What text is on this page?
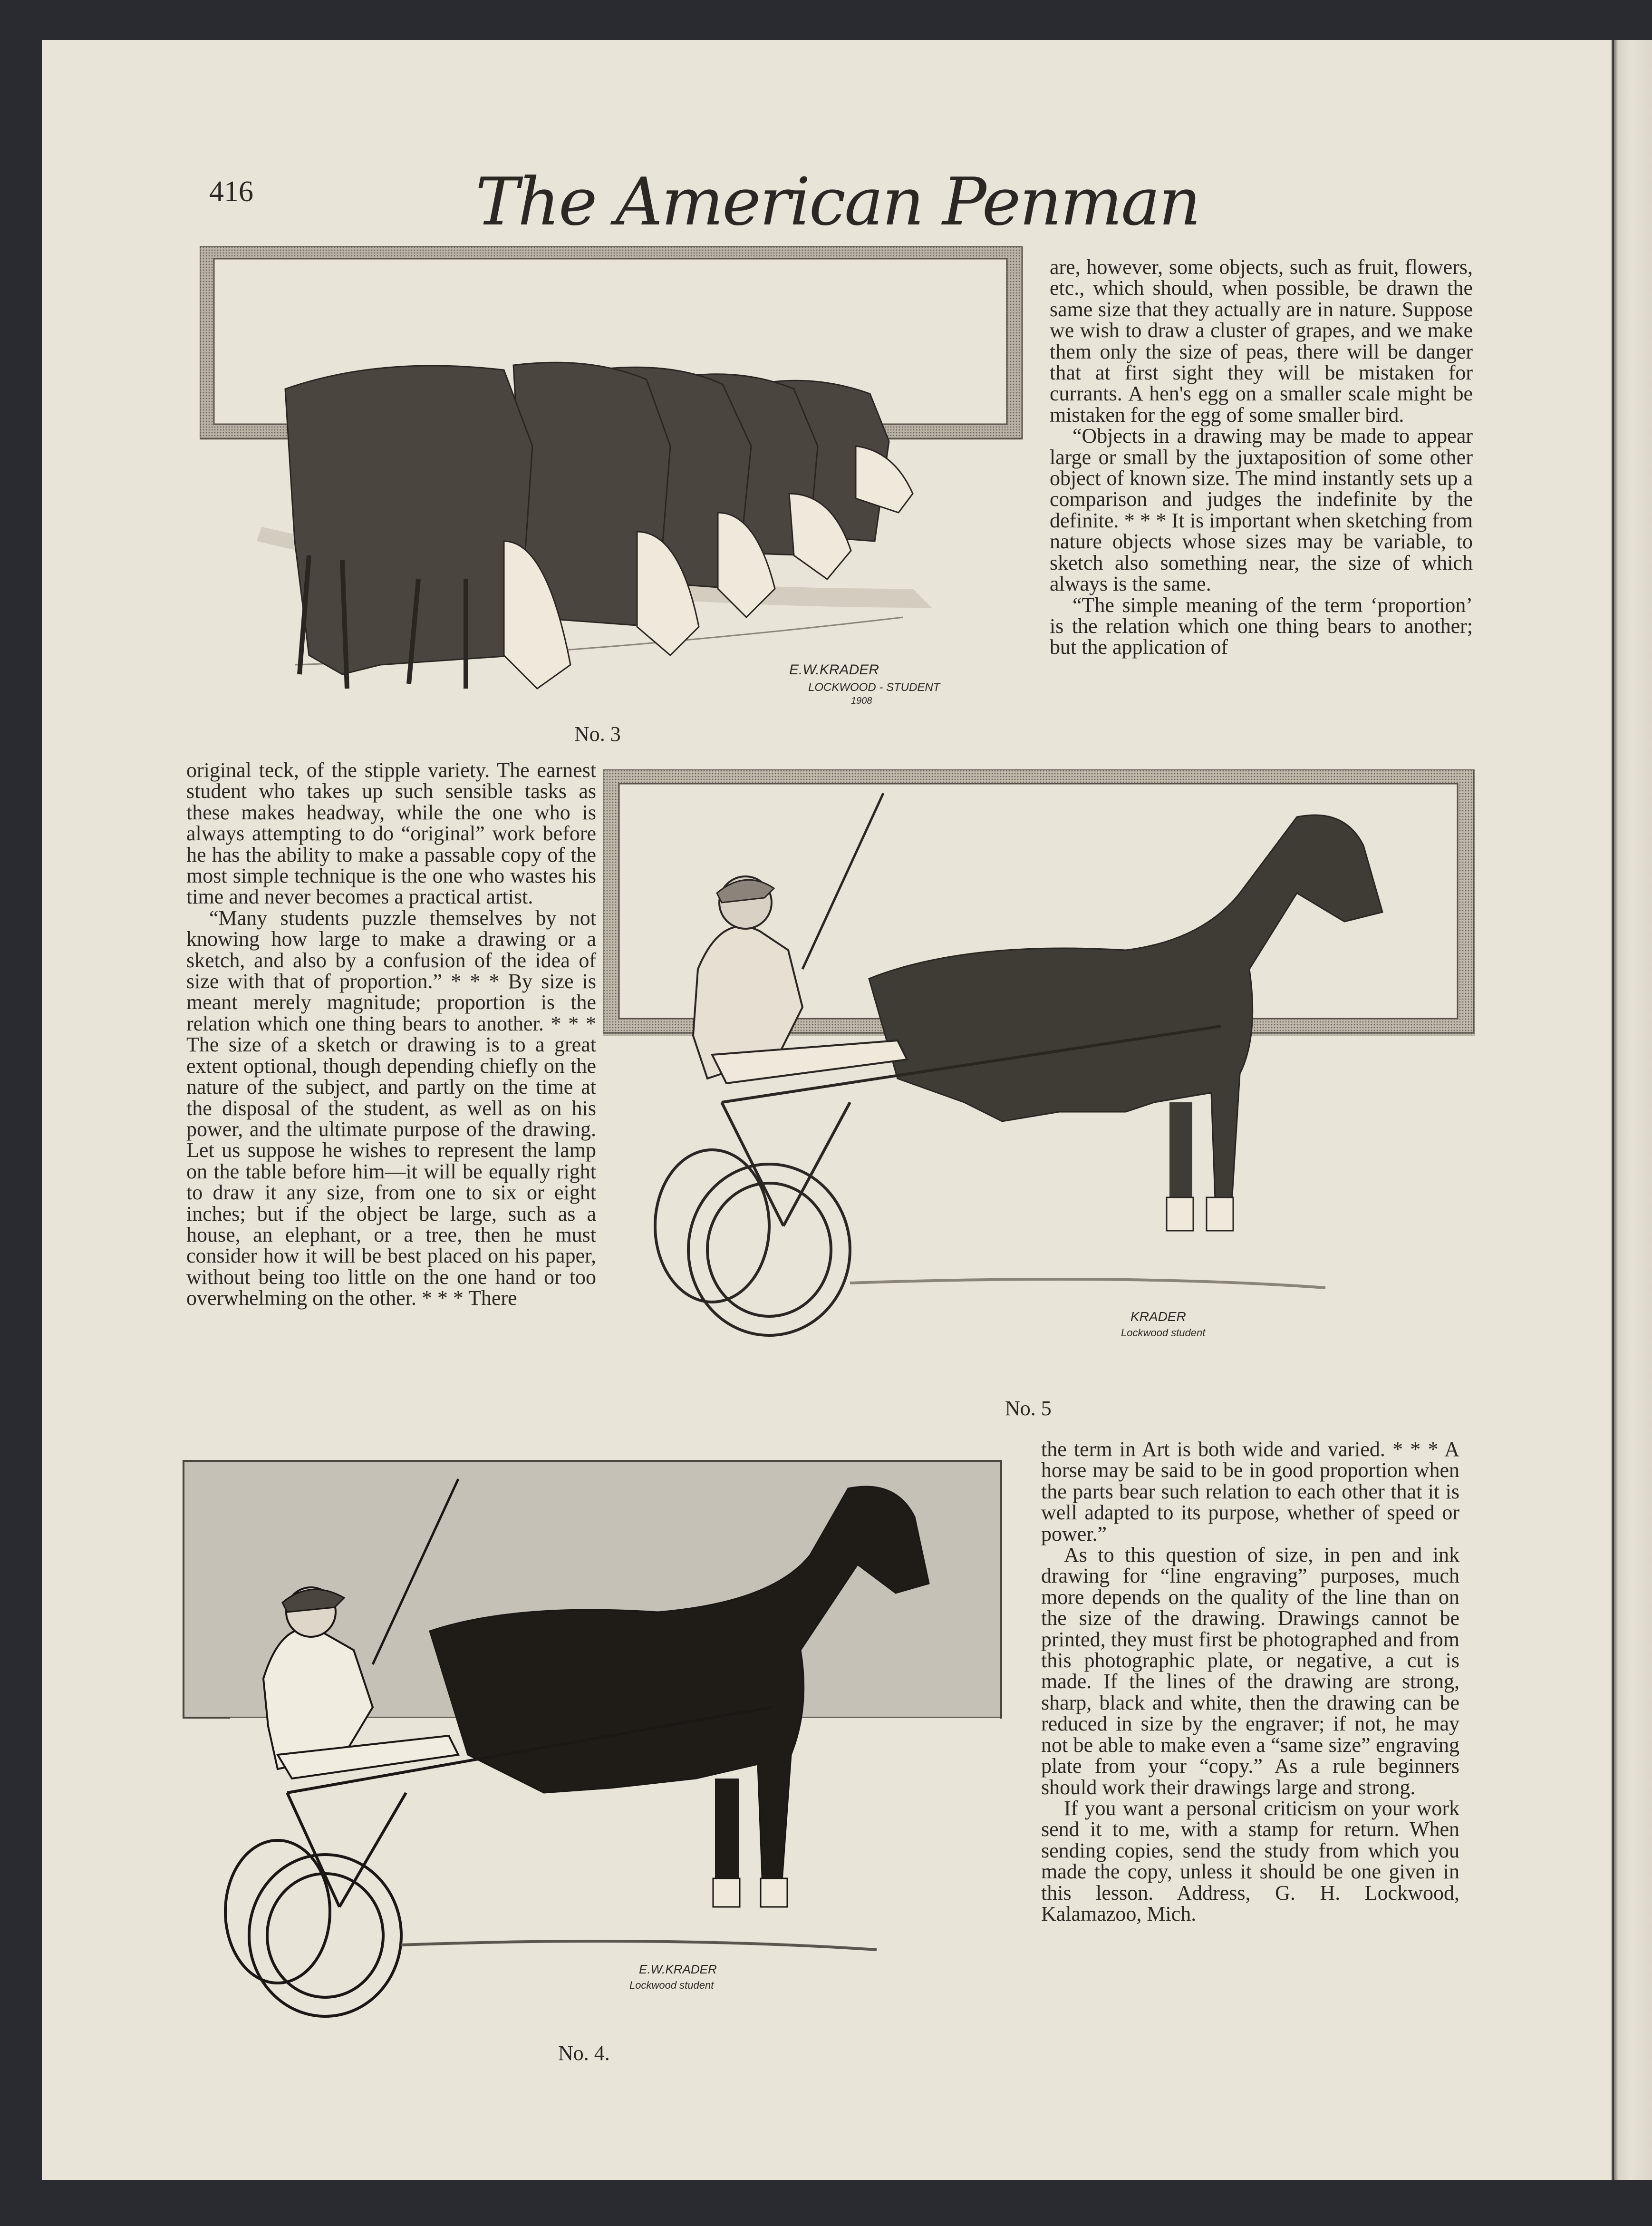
416	The American Penman
E.W.KRADER
LOCKWOOD - STUDENT
1908
No. 3

are, however, some objects, such as fruit, flowers, etc., which should, when possible, be drawn the same size that they actually are in nature. Suppose we wish to draw a cluster of grapes, and we make them only the size of peas, there will be danger that at first sight they will be mistaken for currants. A hen's egg on a smaller scale might be mistaken for the egg of some smaller bird.

“Objects in a drawing may be made to appear large or small by the juxtaposition of some other object of known size. The mind instantly sets up a comparison and judges the indefinite by the definite. * * * It is important when sketching from nature objects whose sizes may be variable, to sketch also something near, the size of which always is the same.

“The simple meaning of the term ‘proportion’ is the relation which one thing bears to another; but the application of

original teck, of the stipple variety. The earnest student who takes up such sensible tasks as these makes headway, while the one who is always attempting to do “original” work before he has the ability to make a passable copy of the most simple technique is the one who wastes his time and never becomes a practical artist.

“Many students puzzle themselves by not knowing how large to make a drawing or a sketch, and also by a confusion of the idea of size with that of proportion.” * * * By size is meant merely magnitude; proportion is the relation which one thing bears to another. * * * The size of a sketch or drawing is to a great extent optional, though depending chiefly on the nature of the subject, and partly on the time at the disposal of the student, as well as on his power, and the ultimate purpose of the drawing. Let us suppose he wishes to represent the lamp on the table before him—it will be equally right to draw it any size, from one to six or eight inches; but if the object be large, such as a house, an elephant, or a tree, then he must consider how it will be best placed on his paper, without being too little on the one hand or too overwhelming on the other. * * * There

KRADER
Lockwood student
No. 5
E.W.KRADER
Lockwood student
No. 4.

the term in Art is both wide and varied. * * * A horse may be said to be in good proportion when the parts bear such relation to each other that it is well adapted to its purpose, whether of speed or power.”

As to this question of size, in pen and ink drawing for “line engraving” purposes, much more depends on the quality of the line than on the size of the drawing. Drawings cannot be printed, they must first be photographed and from this photographic plate, or negative, a cut is made. If the lines of the drawing are strong, sharp, black and white, then the drawing can be reduced in size by the engraver; if not, he may not be able to make even a “same size” engraving plate from your “copy.” As a rule beginners should work their drawings large and strong.

If you want a personal criticism on your work send it to me, with a stamp for return. When sending copies, send the study from which you made the copy, unless it should be one given in this lesson. Address, G. H. Lockwood, Kalamazoo, Mich.
